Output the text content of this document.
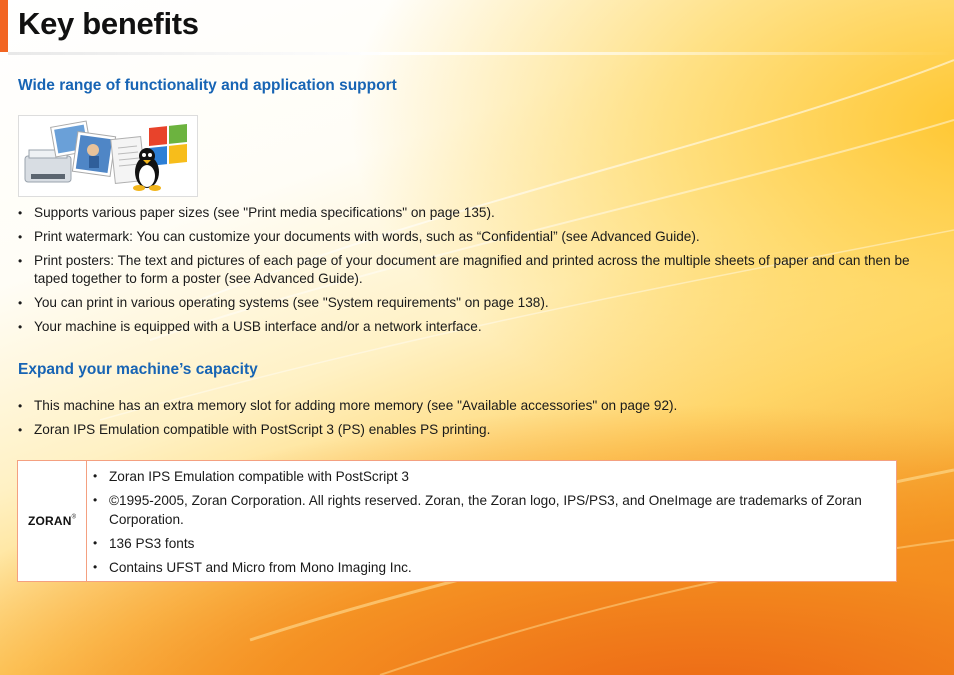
Key benefits
Wide range of functionality and application support
• Supports various paper sizes (see "Print media specifications" on page 135).
• Print watermark: You can customize your documents with words, such as “Confidential” (see Advanced Guide).
• Print posters: The text and pictures of each page of your document are magnified and printed across the multiple sheets of paper and can then be taped together to form a poster (see Advanced Guide).
• You can print in various operating systems (see "System requirements" on page 138).
• Your machine is equipped with a USB interface and/or a network interface.
Expand your machine’s capacity
• This machine has an extra memory slot for adding more memory (see "Available accessories" on page 92).
• Zoran IPS Emulation compatible with PostScript 3 (PS) enables PS printing.
ZORAN®
• Zoran IPS Emulation compatible with PostScript 3
• ©1995-2005, Zoran Corporation. All rights reserved. Zoran, the Zoran logo, IPS/PS3, and OneImage are trademarks of Zoran Corporation.
• 136 PS3 fonts
• Contains UFST and Micro from Mono Imaging Inc.
